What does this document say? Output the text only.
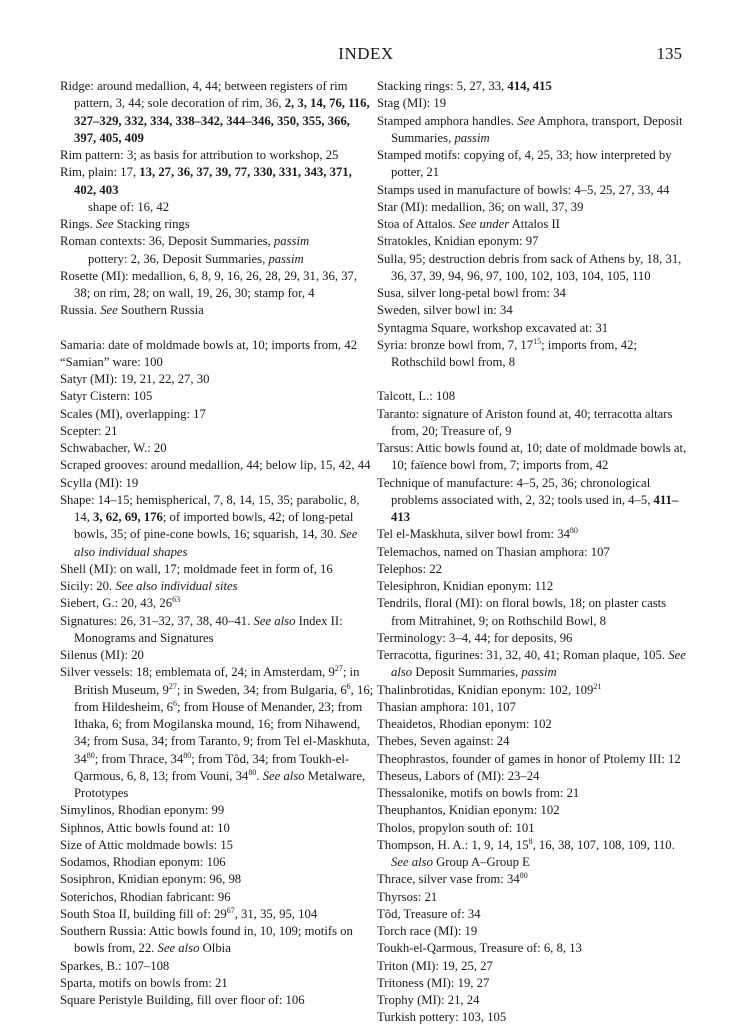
INDEX	135

Ridge: around medallion, 4, 44; between registers of rim pattern, 3, 44; sole decoration of rim, 36, 2, 3, 14, 76, 116, 327–329, 332, 334, 338–342, 344–346, 350, 355, 366, 397, 405, 409

Rim pattern: 3; as basis for attribution to workshop, 25

Rim, plain: 17, 13, 27, 36, 37, 39, 77, 330, 331, 343, 371, 402, 403

shape of: 16, 42

Rings. See Stacking rings

Roman contexts: 36, Deposit Summaries, passim

pottery: 2, 36, Deposit Summaries, passim

Rosette (MI): medallion, 6, 8, 9, 16, 26, 28, 29, 31, 36, 37, 38; on rim, 28; on wall, 19, 26, 30; stamp for, 4

Russia. See Southern Russia

Samaria: date of moldmade bowls at, 10; imports from, 42

“Samian” ware: 100

Satyr (MI): 19, 21, 22, 27, 30

Satyr Cistern: 105

Scales (MI), overlapping: 17

Scepter: 21

Schwabacher, W.: 20

Scraped grooves: around medallion, 44; below lip, 15, 42, 44

Scylla (MI): 19

Shape: 14–15; hemispherical, 7, 8, 14, 15, 35; parabolic, 8, 14, 3, 62, 69, 176; of imported bowls, 42; of long-petal bowls, 35; of pine-cone bowls, 16; squarish, 14, 30. See also individual shapes

Shell (MI): on wall, 17; moldmade feet in form of, 16

Sicily: 20. See also individual sites

Siebert, G.: 20, 43, $26^{63}$

Signatures: 26, 31–32, 37, 38, 40–41. See also Index II: Monograms and Signatures

Silenus (MI): 20

Silver vessels: 18; emblemata of, 24; in Amsterdam, $9^{27}$; in British Museum, $9^{27}$; in Sweden, 34; from Bulgaria, $6^6$, 16; from Hildesheim, $6^6$; from House of Menander, 23; from Ithaka, 6; from Mogilanska mound, 16; from Nihawend, 34; from Susa, 34; from Taranto, 9; from Tel el-Maskhuta, $34^{80}$; from Thrace, $34^{80}$; from Tôd, 34; from Toukh-el-Qarmous, 6, 8, 13; from Vouni, $34^{80}$. See also Metalware, Prototypes

Simylinos, Rhodian eponym: 99

Siphnos, Attic bowls found at: 10

Size of Attic moldmade bowls: 15

Sodamos, Rhodian eponym: 106

Sosiphron, Knidian eponym: 96, 98

Soterichos, Rhodian fabricant: 96

South Stoa II, building fill of: $29^{67}$, 31, 35, 95, 104

Southern Russia: Attic bowls found in, 10, 109; motifs on bowls from, 22. See also Olbia

Sparkes, B.: 107–108

Sparta, motifs on bowls from: 21

Square Peristyle Building, fill over floor of: 106

Stacking rings: 5, 27, 33, 414, 415

Stag (MI): 19

Stamped amphora handles. See Amphora, transport, Deposit Summaries, passim

Stamped motifs: copying of, 4, 25, 33; how interpreted by potter, 21

Stamps used in manufacture of bowls: 4–5, 25, 27, 33, 44

Star (MI): medallion, 36; on wall, 37, 39

Stoa of Attalos. See under Attalos II

Stratokles, Knidian eponym: 97

Sulla, 95; destruction debris from sack of Athens by, 18, 31, 36, 37, 39, 94, 96, 97, 100, 102, 103, 104, 105, 110

Susa, silver long-petal bowl from: 34

Sweden, silver bowl in: 34

Syntagma Square, workshop excavated at: 31

Syria: bronze bowl from, 7, $17^{15}$; imports from, 42; Rothschild bowl from, 8

Talcott, L.: 108

Taranto: signature of Ariston found at, 40; terracotta altars from, 20; Treasure of, 9

Tarsus: Attic bowls found at, 10; date of moldmade bowls at, 10; faïence bowl from, 7; imports from, 42

Technique of manufacture: 4–5, 25, 36; chronological problems associated with, 2, 32; tools used in, 4–5, 411–413

Tel el-Maskhuta, silver bowl from: $34^{80}$

Telemachos, named on Thasian amphora: 107

Telephos: 22

Telesiphron, Knidian eponym: 112

Tendrils, floral (MI): on floral bowls, 18; on plaster casts from Mitrahinet, 9; on Rothschild Bowl, 8

Terminology: 3–4, 44; for deposits, 96

Terracotta, figurines: 31, 32, 40, 41; Roman plaque, 105. See also Deposit Summaries, passim

Thalinbrotidas, Knidian eponym: 102, $109^{21}$

Thasian amphora: 101, 107

Theaidetos, Rhodian eponym: 102

Thebes, Seven against: 24

Theophrastos, founder of games in honor of Ptolemy III: 12

Theseus, Labors of (MI): 23–24

Thessalonike, motifs on bowls from: 21

Theuphantos, Knidian eponym: 102

Tholos, propylon south of: 101

Thompson, H. A.: 1, 9, 14, $15^8$, 16, 38, 107, 108, 109, 110. See also Group A–Group E

Thrace, silver vase from: $34^{80}$

Thyrsos: 21

Tôd, Treasure of: 34

Torch race (MI): 19

Toukh-el-Qarmous, Treasure of: 6, 8, 13

Triton (MI): 19, 25, 27

Tritoness (MI): 19, 27

Trophy (MI): 21, 24

Turkish pottery: 103, 105
